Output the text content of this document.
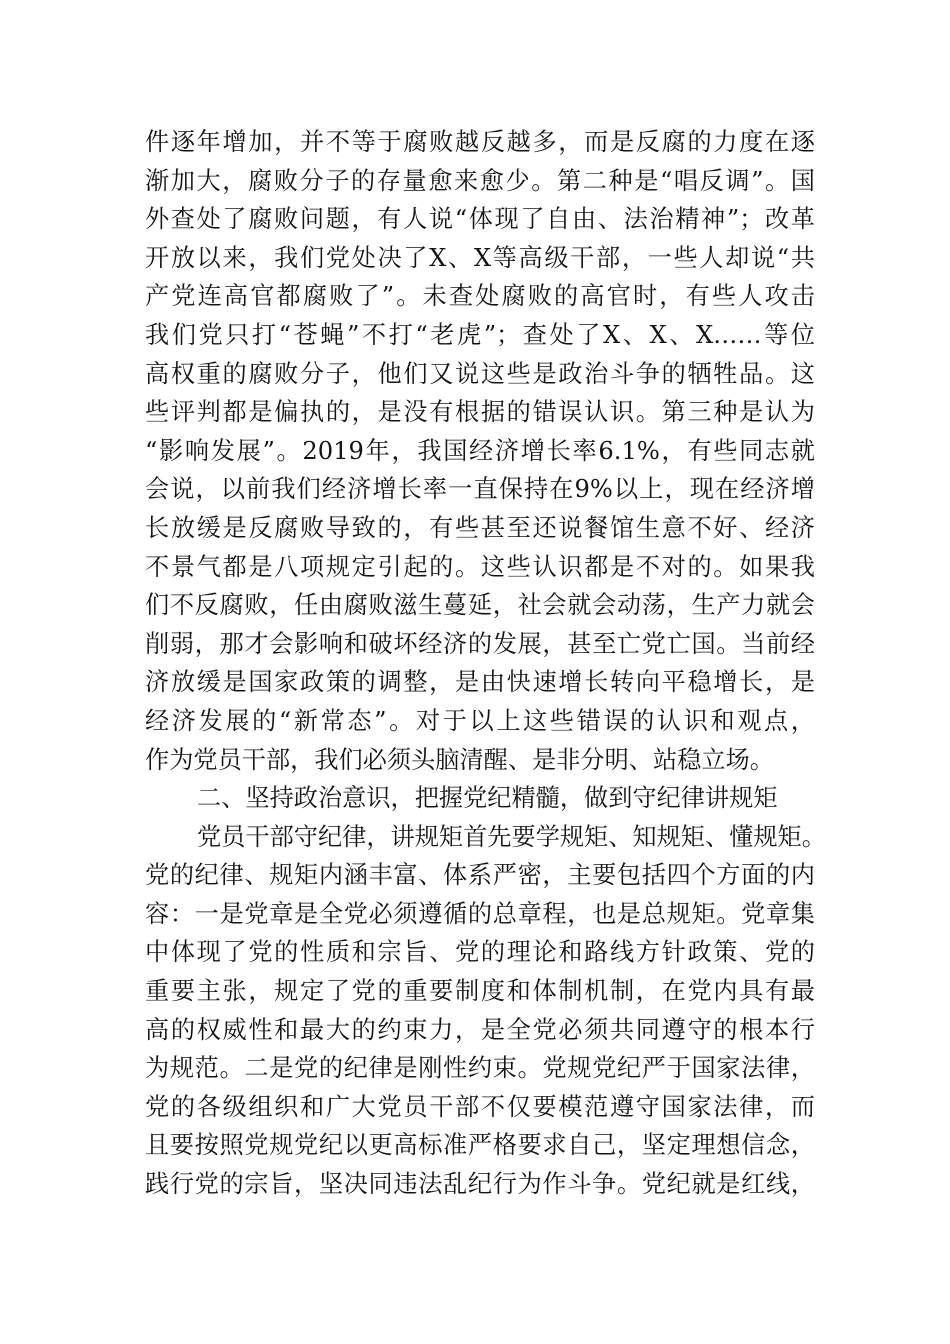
件逐年增加，并不等于腐败越反越多，而是反腐的力度在逐
渐加大，腐败分子的存量愈来愈少。第二种是“唱反调”。国
外查处了腐败问题，有人说“体现了自由、法治精神”；改革
开放以来，我们党处决了X、X等高级干部，一些人却说“共
产党连高官都腐败了”。未查处腐败的高官时，有些人攻击
我们党只打“苍蝇”不打“老虎”；查处了X、X、X……等位
高权重的腐败分子，他们又说这些是政治斗争的牺牲品。这
些评判都是偏执的，是没有根据的错误认识。第三种是认为
“影响发展”。2019年，我国经济增长率6.1%，有些同志就
会说，以前我们经济增长率一直保持在9%以上，现在经济增
长放缓是反腐败导致的，有些甚至还说餐馆生意不好、经济
不景气都是八项规定引起的。这些认识都是不对的。如果我
们不反腐败，任由腐败滋生蔓延，社会就会动荡，生产力就会
削弱，那才会影响和破坏经济的发展，甚至亡党亡国。当前经
济放缓是国家政策的调整，是由快速增长转向平稳增长，是
经济发展的“新常态”。对于以上这些错误的认识和观点，
作为党员干部，我们必须头脑清醒、是非分明、站稳立场。
二、坚持政治意识，把握党纪精髓，做到守纪律讲规矩
党员干部守纪律，讲规矩首先要学规矩、知规矩、懂规矩。
党的纪律、规矩内涵丰富、体系严密，主要包括四个方面的内
容：一是党章是全党必须遵循的总章程，也是总规矩。党章集
中体现了党的性质和宗旨、党的理论和路线方针政策、党的
重要主张，规定了党的重要制度和体制机制，在党内具有最
高的权威性和最大的约束力，是全党必须共同遵守的根本行
为规范。二是党的纪律是刚性约束。党规党纪严于国家法律，
党的各级组织和广大党员干部不仅要模范遵守国家法律，而
且要按照党规党纪以更高标准严格要求自己，坚定理想信念，
践行党的宗旨，坚决同违法乱纪行为作斗争。党纪就是红线，
